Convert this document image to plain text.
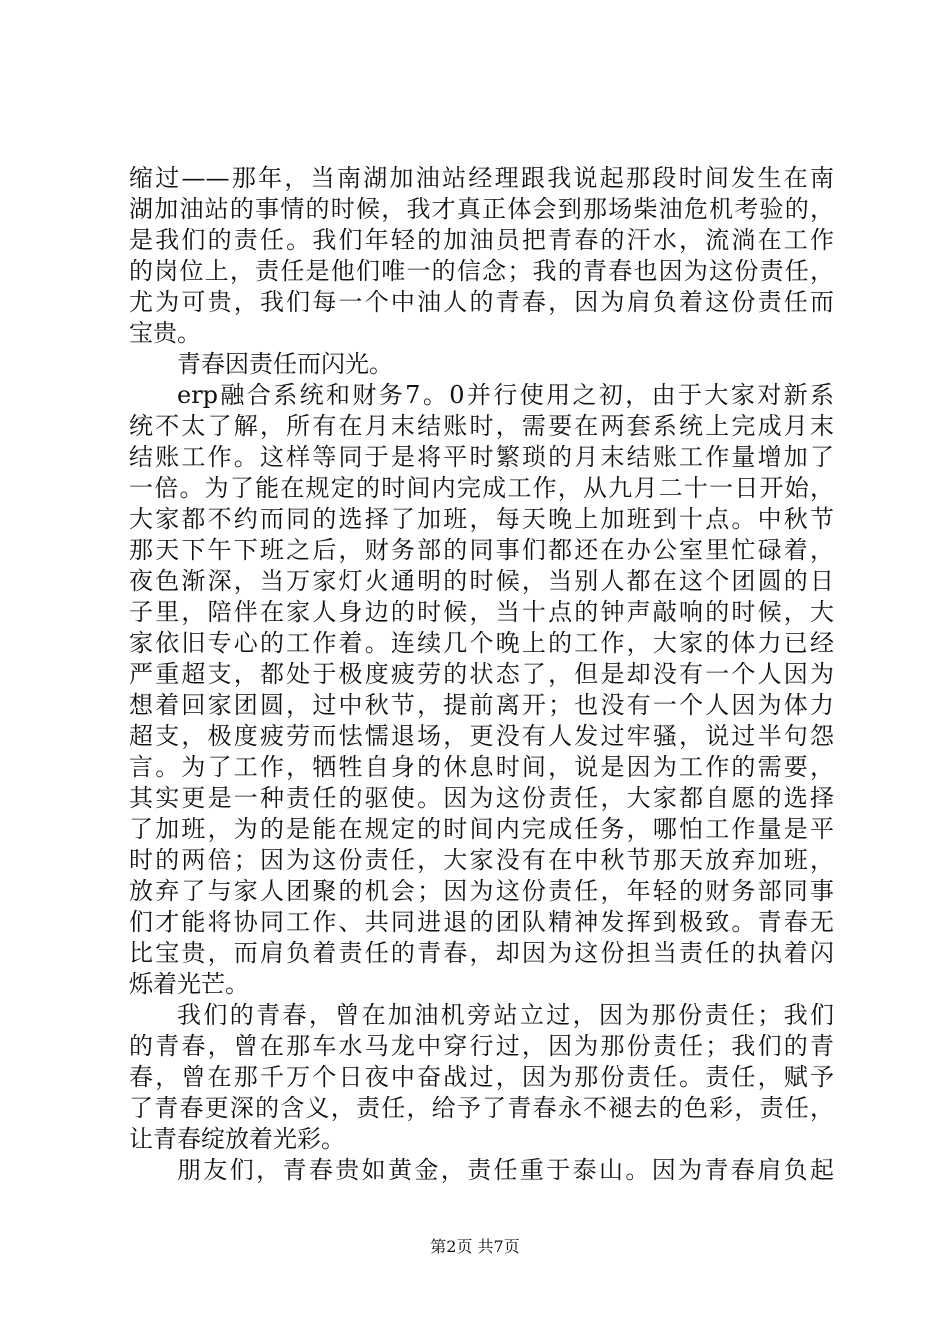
缩过——那年，当南湖加油站经理跟我说起那段时间发生在南
湖加油站的事情的时候，我才真正体会到那场柴油危机考验的，
是我们的责任。我们年轻的加油员把青春的汗水，流淌在工作
的岗位上，责任是他们唯一的信念；我的青春也因为这份责任，
尤为可贵，我们每一个中油人的青春，因为肩负着这份责任而
宝贵。
青春因责任而闪光。
erp融合系统和财务7。0并行使用之初，由于大家对新系
统不太了解，所有在月末结账时，需要在两套系统上完成月末
结账工作。这样等同于是将平时繁琐的月末结账工作量增加了
一倍。为了能在规定的时间内完成工作，从九月二十一日开始，
大家都不约而同的选择了加班，每天晚上加班到十点。中秋节
那天下午下班之后，财务部的同事们都还在办公室里忙碌着，
夜色渐深，当万家灯火通明的时候，当别人都在这个团圆的日
子里，陪伴在家人身边的时候，当十点的钟声敲响的时候，大
家依旧专心的工作着。连续几个晚上的工作，大家的体力已经
严重超支，都处于极度疲劳的状态了，但是却没有一个人因为
想着回家团圆，过中秋节，提前离开；也没有一个人因为体力
超支，极度疲劳而怯懦退场，更没有人发过牢骚，说过半句怨
言。为了工作，牺牲自身的休息时间，说是因为工作的需要，
其实更是一种责任的驱使。因为这份责任，大家都自愿的选择
了加班，为的是能在规定的时间内完成任务，哪怕工作量是平
时的两倍；因为这份责任，大家没有在中秋节那天放弃加班，
放弃了与家人团聚的机会；因为这份责任，年轻的财务部同事
们才能将协同工作、共同进退的团队精神发挥到极致。青春无
比宝贵，而肩负着责任的青春，却因为这份担当责任的执着闪
烁着光芒。
我们的青春，曾在加油机旁站立过，因为那份责任；我们
的青春，曾在那车水马龙中穿行过，因为那份责任；我们的青
春，曾在那千万个日夜中奋战过，因为那份责任。责任，赋予
了青春更深的含义，责任，给予了青春永不褪去的色彩，责任，
让青春绽放着光彩。
朋友们，青春贵如黄金，责任重于泰山。因为青春肩负起
第2页 共7页
